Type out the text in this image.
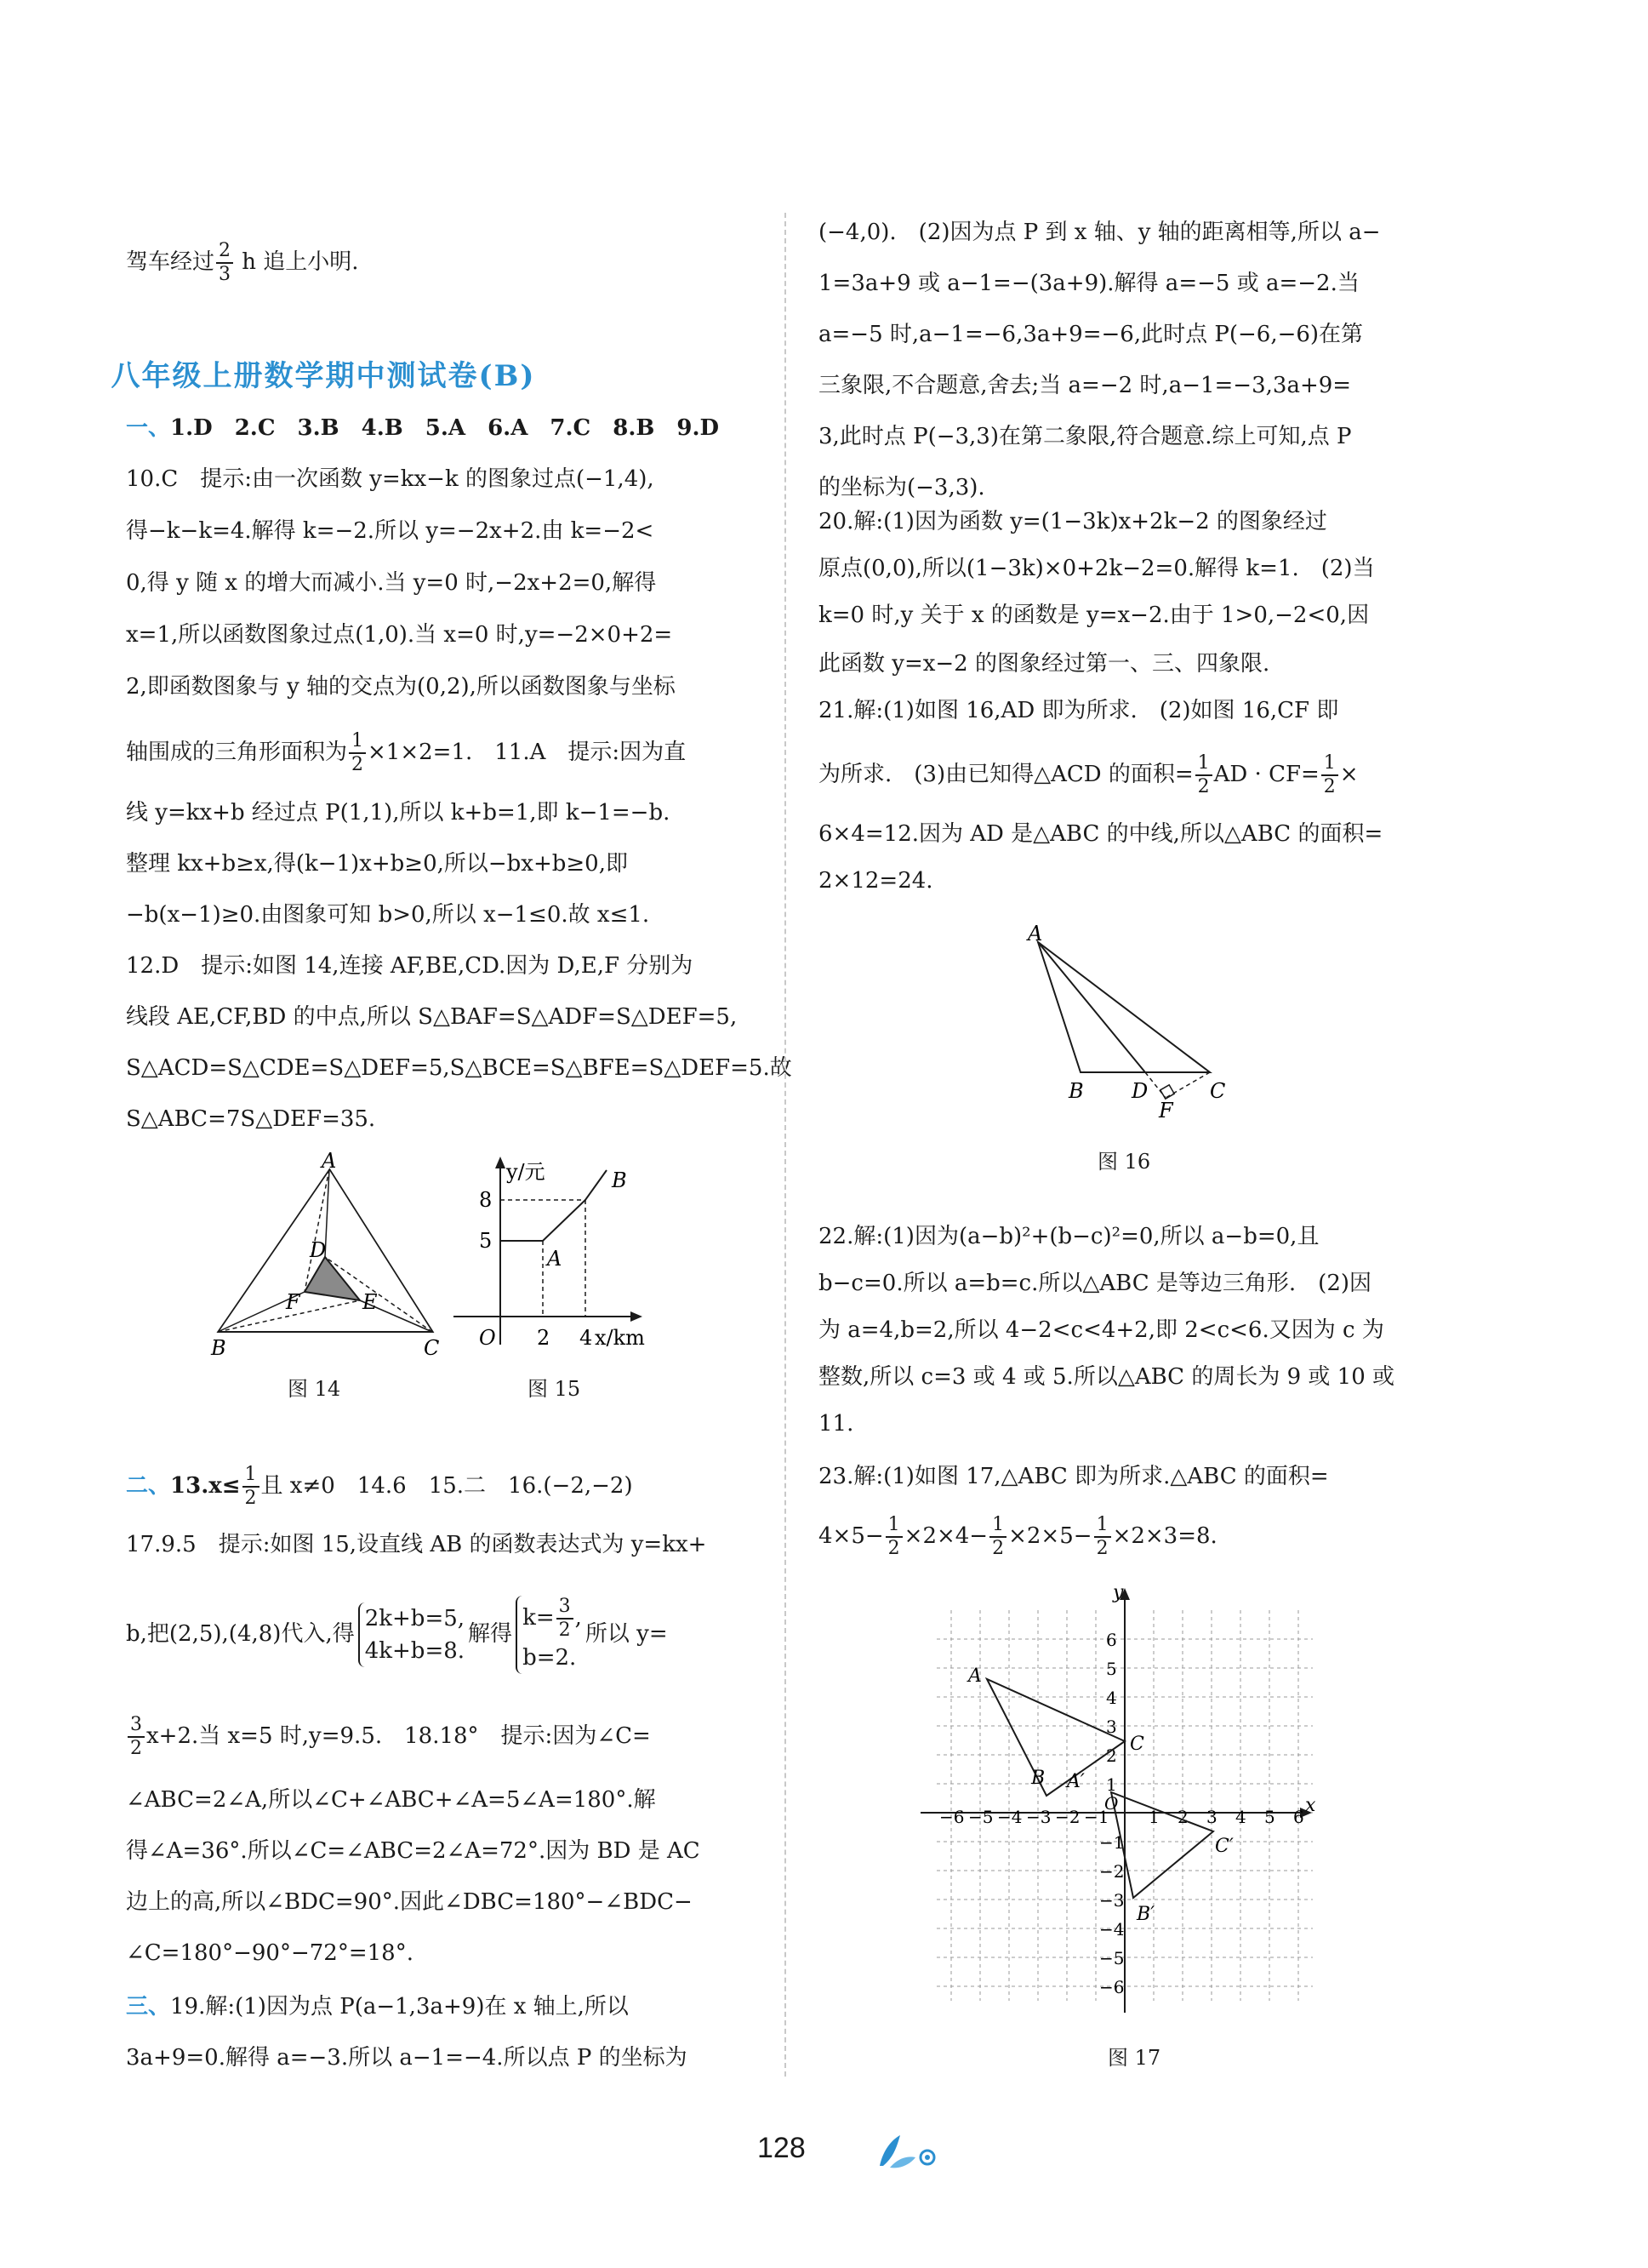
驾车经过 $\frac{2}{3}$ h 追上小明.
一、1.D　2.C　3.B　4.B　5.A　6.A　7.C　8.B　9.D
10.C　提示:由一次函数 y=kx−k 的图象过点(−1,4),
得−k−k=4.解得 k=−2.所以 y=−2x+2.由 k=−2<
0,得 y 随 x 的增大而减小.当 y=0 时,−2x+2=0,解得
x=1,所以函数图象过点(1,0).当 x=0 时,y=−2×0+2=
2,即函数图象与 y 轴的交点为(0,2),所以函数图象与坐标
轴围成的三角形面积为 $\frac{1}{2} \times 1\times 2=1$.　11.A　提示:因为直
线 y=kx+b 经过点 P(1,1),所以 k+b=1,即 k−1=−b.
整理 kx+b≥x,得(k−1)x+b≥0,所以−bx+b≥0,即
−b(x−1)≥0.由图象可知 b>0,所以 x−1≤0.故 x≤1.
12.D　提示:如图 14,连接 AF,BE,CD.因为 D,E,F 分别为
线段 AE,CF,BD 的中点,所以 S△BAF=S△ADF=S△DEF=5,
S△ACD=S△CDE=S△DEF=5,S△BCE=S△BFE=S△DEF=5.故
S△ABC=7S△DEF=35.
A
B	C
D
E
F
图 14
y/元
x/km
O
8
5
2 4
A
B
图 15
二、$13.x\le \frac{1}{2}$ 且 x≠0　14.6　15.二　16.(−2,−2)
17.9.5　提示:如图 15,设直线 AB 的函数表达式为 y=kx+
b,把(2,5),(4,8)代入,得
2k+b=5,
4k+b=8.
解得
$k= \frac{3}{2}$ ,
b=2.
所以 y=
$\frac{3}{2} x+2$.当 x=5 时,y=9.5.　18.18°　提示:因为∠C=
∠ABC=2∠A,所以∠C+∠ABC+∠A=5∠A=180°.解
得∠A=36°.所以∠C=∠ABC=2∠A=72°.因为 BD 是 AC
边上的高,所以∠BDC=90°.因此∠DBC=180°−∠BDC−
∠C=180°−90°−72°=18°.
三、19.解:(1)因为点 P(a−1,3a+9)在 x 轴上,所以
3a+9=0.解得 a=−3.所以 a−1=−4.所以点 P 的坐标为
八年级上册数学期中测试卷(B)
(−4,0).　(2)因为点 P 到 x 轴、y 轴的距离相等,所以 a−
1=3a+9 或 a−1=−(3a+9).解得 a=−5 或 a=−2.当
a=−5 时,a−1=−6,3a+9=−6,此时点 P(−6,−6)在第
三象限,不合题意,舍去;当 a=−2 时,a−1=−3,3a+9=
3,此时点 P(−3,3)在第二象限,符合题意.综上可知,点 P
的坐标为(−3,3).
20.解:(1)因为函数 y=(1−3k)x+2k−2 的图象经过
原点(0,0),所以(1−3k)×0+2k−2=0.解得 k=1.　(2)当
k=0 时,y 关于 x 的函数是 y=x−2.由于 1>0,−2<0,因
此函数 y=x−2 的图象经过第一、三、四象限.
21.解:(1)如图 16,AD 即为所求.　(2)如图 16,CF 即
为所求.　(3)由已知得△ACD 的面积= $\frac{1}{2}$ AD · $CF= \frac{1}{2}$ ×
6×4=12.因为 AD 是△ABC 的中线,所以△ABC 的面积=
2×12=24.
A
B D	C
F
图 16
22.解:(1)因为(a−b)²+(b−c)²=0,所以 a−b=0,且
b−c=0.所以 a=b=c.所以△ABC 是等边三角形.　(2)因
为 a=4,b=2,所以 4−2<c<4+2,即 2<c<6.又因为 c 为
整数,所以 c=3 或 4 或 5.所以△ABC 的周长为 9 或 10 或
11.
23.解:(1)如图 17,△ABC 即为所求.△ABC 的面积=
$4\times 5- \frac{1}{2} \times 2\times 4- \frac{1}{2} \times 2\times 5- \frac{1}{2} \times 2\times 3=8$.
−6 −5 −4 −3 −2 −1 1 2 3 4 5 6
1
2
3
4
5
6
−1
−2
−3
−4
−5
−6
x
y
O
A
B
C
A′
B′
C′
图 17
128
